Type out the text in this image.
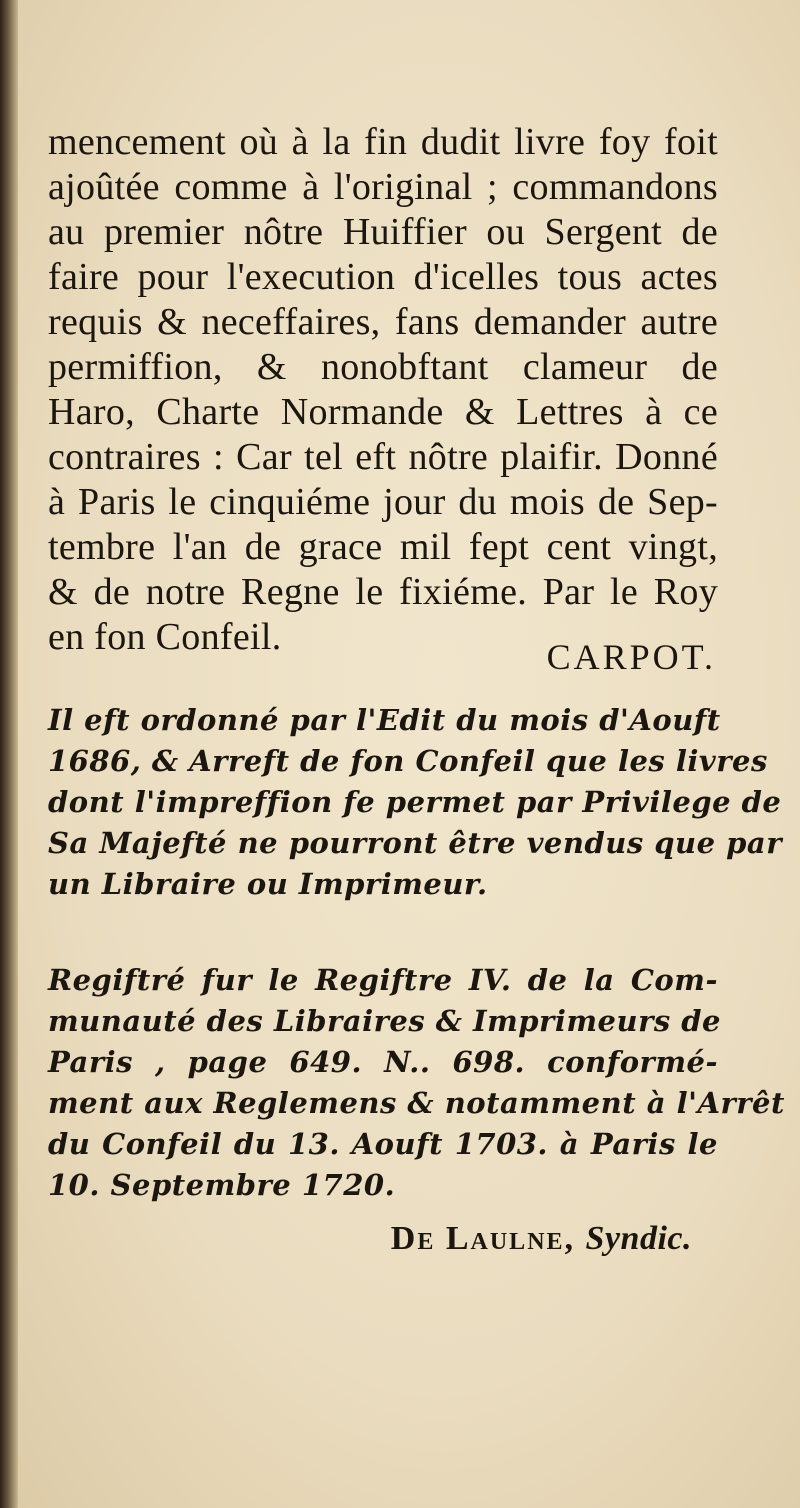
mencement où à la fin dudit livre foy foit
ajoûtée comme à l'original ; commandons
au premier nôtre Huiffier ou Sergent de
faire pour l'execution d'icelles tous actes
requis & neceffaires, fans demander autre
permiffion, & nonobftant clameur de
Haro, Charte Normande & Lettres à ce
contraires : Car tel eft nôtre plaifir. Donné
à Paris le cinquiéme jour du mois de Sep-
tembre l'an de grace mil fept cent vingt,
& de notre Regne le fixiéme. Par le Roy
en fon Confeil.	CARPOT.
Il eft ordonné par l'Edit du mois d'Aouft
1686, & Arreft de fon Confeil que les livres
dont l'impreffion fe permet par Privilege de
Sa Majefté ne pourront être vendus que par
un Libraire ou Imprimeur.
Regiftré fur le Regiftre IV. de la Com-
munauté des Libraires & Imprimeurs de
Paris , page 649. N.. 698. conformé-
ment aux Reglemens & notamment à l'Arrêt
du Confeil du 13. Aouft 1703. à Paris le
10. Septembre 1720.
De Laulne, Syndic.
